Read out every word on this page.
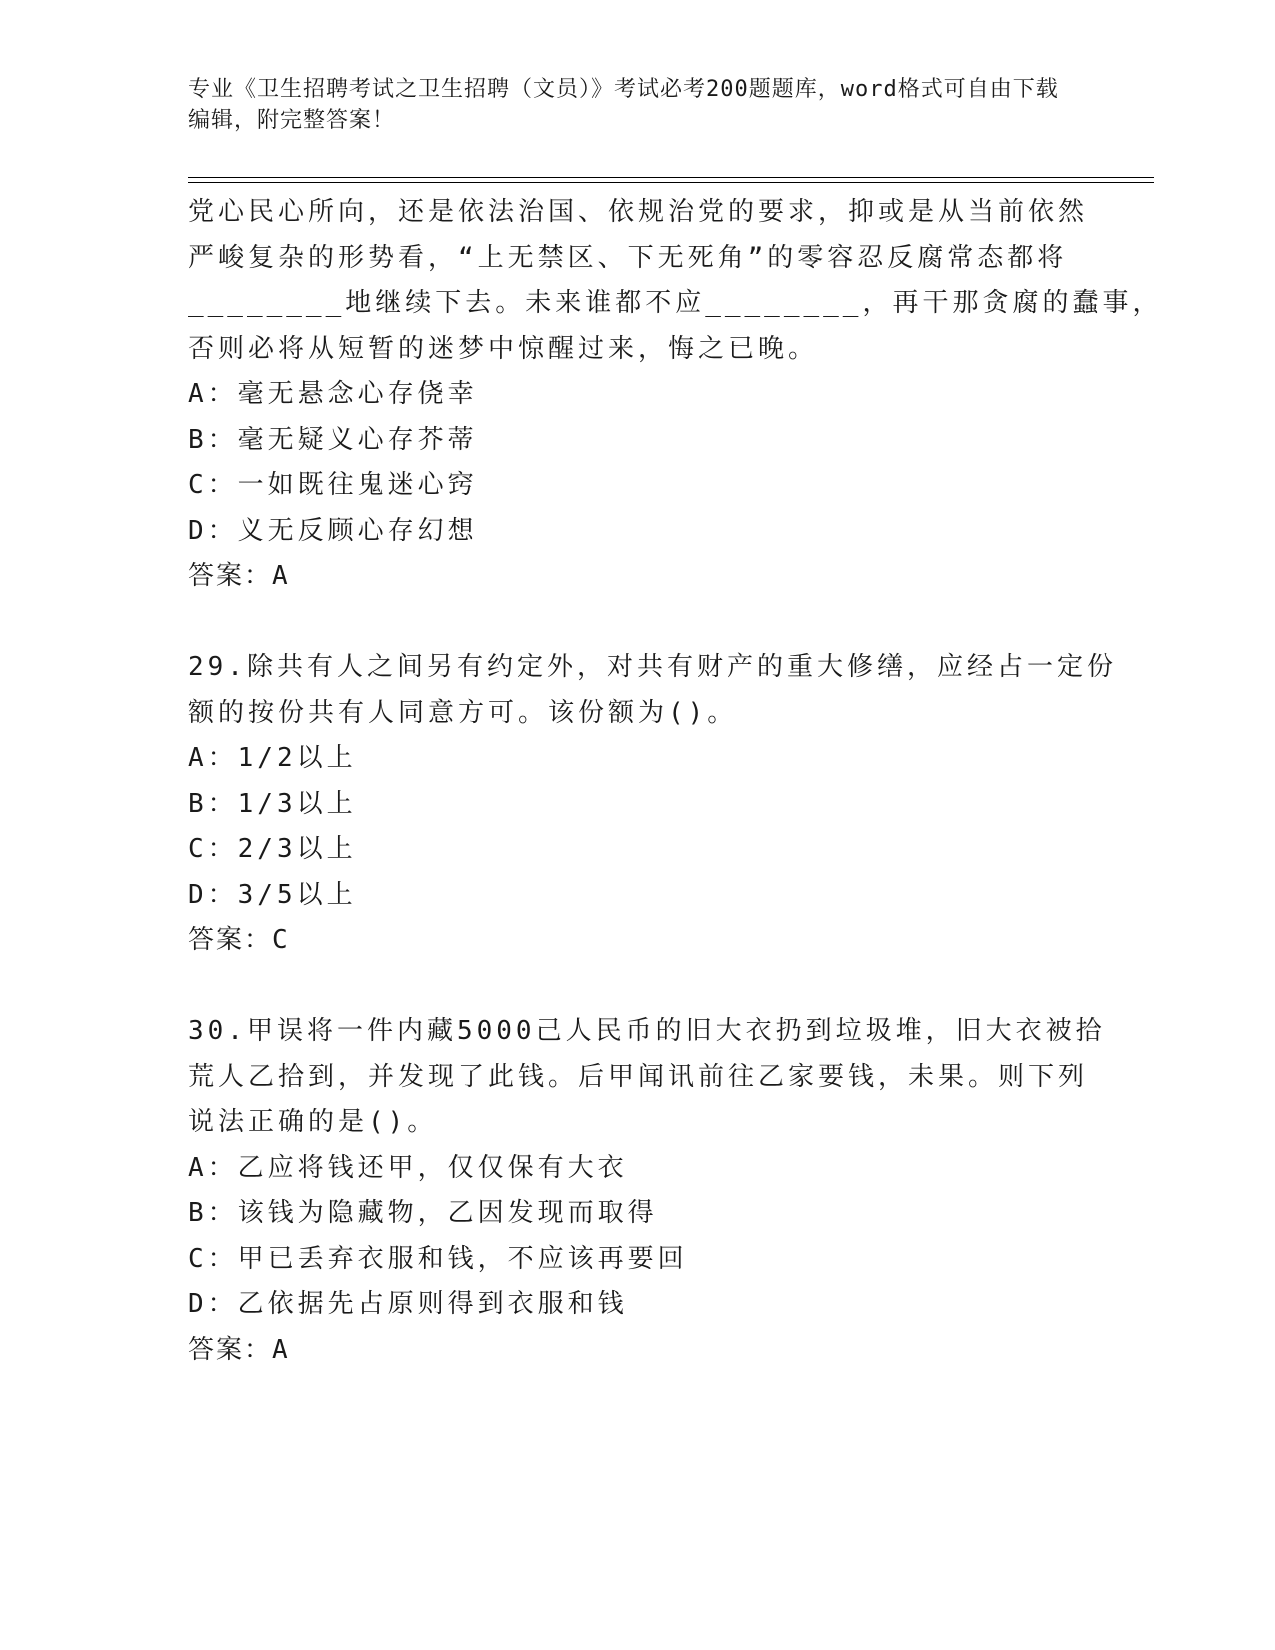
专业《卫生招聘考试之卫生招聘（文员）》考试必考200题题库，word格式可自由下载编辑，附完整答案！
党心民心所向，还是依法治国、依规治党的要求，抑或是从当前依然
严峻复杂的形势看，“上无禁区、下无死角”的零容忍反腐常态都将
________地继续下去。未来谁都不应________，再干那贪腐的蠢事，
否则必将从短暂的迷梦中惊醒过来，悔之已晚。
A：毫无悬念心存侥幸
B：毫无疑义心存芥蒂
C：一如既往鬼迷心窍
D：义无反顾心存幻想
答案：A
29.除共有人之间另有约定外，对共有财产的重大修缮，应经占一定份
额的按份共有人同意方可。该份额为()。
A：1/2以上
B：1/3以上
C：2/3以上
D：3/5以上
答案：C
30.甲误将一件内藏5000己人民币的旧大衣扔到垃圾堆，旧大衣被拾
荒人乙拾到，并发现了此钱。后甲闻讯前往乙家要钱，未果。则下列
说法正确的是()。
A：乙应将钱还甲，仅仅保有大衣
B：该钱为隐藏物，乙因发现而取得
C：甲已丢弃衣服和钱，不应该再要回
D：乙依据先占原则得到衣服和钱
答案：A
